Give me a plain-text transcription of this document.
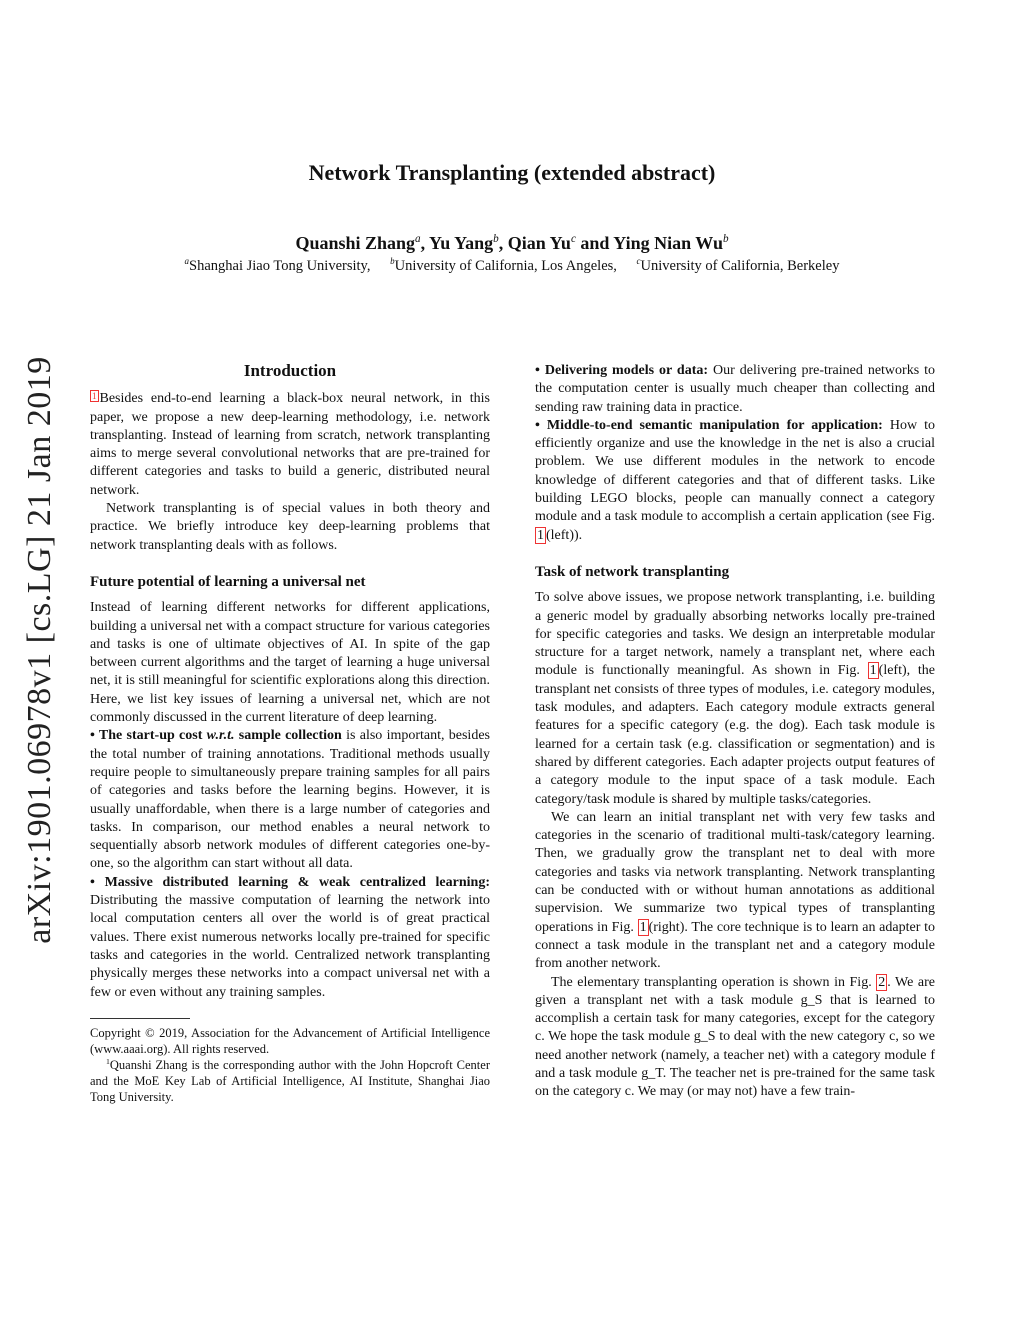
arXiv:1901.06978v1 [cs.LG] 21 Jan 2019
Network Transplanting (extended abstract)
Quanshi Zhang$^a$, Yu Yang$^b$, Qian Yu$^c$ and Ying Nian Wu$^b$
$^a$Shanghai Jiao Tong University, $^b$University of California, Los Angeles, $^c$University of California, Berkeley
Introduction

1 Besides end-to-end learning a black-box neural network, in this paper, we propose a new deep-learning methodology, i.e. network transplanting. Instead of learning from scratch, network transplanting aims to merge several convolutional networks that are pre-trained for different categories and tasks to build a generic, distributed neural network.

Network transplanting is of special values in both theory and practice. We briefly introduce key deep-learning problems that network transplanting deals with as follows.

Future potential of learning a universal net

Instead of learning different networks for different applications, building a universal net with a compact structure for various categories and tasks is one of ultimate objectives of AI. In spite of the gap between current algorithms and the target of learning a huge universal net, it is still meaningful for scientific explorations along this direction. Here, we list key issues of learning a universal net, which are not commonly discussed in the current literature of deep learning.

• The start-up cost w.r.t. sample collection is also important, besides the total number of training annotations. Traditional methods usually require people to simultaneously prepare training samples for all pairs of categories and tasks before the learning begins. However, it is usually unaffordable, when there is a large number of categories and tasks. In comparison, our method enables a neural network to sequentially absorb network modules of different categories one-by-one, so the algorithm can start without all data.

• Massive distributed learning & weak centralized learning: Distributing the massive computation of learning the network into local computation centers all over the world is of great practical values. There exist numerous networks locally pre-trained for specific tasks and categories in the world. Centralized network transplanting physically merges these networks into a compact universal net with a few or even without any training samples.

Copyright © 2019, Association for the Advancement of Artificial Intelligence (www.aaai.org). All rights reserved.

$^1$Quanshi Zhang is the corresponding author with the John Hopcroft Center and the MoE Key Lab of Artificial Intelligence, AI Institute, Shanghai Jiao Tong University.

• Delivering models or data: Our delivering pre-trained networks to the computation center is usually much cheaper than collecting and sending raw training data in practice.

• Middle-to-end semantic manipulation for application: How to efficiently organize and use the knowledge in the net is also a crucial problem. We use different modules in the network to encode knowledge of different categories and that of different tasks. Like building LEGO blocks, people can manually connect a category module and a task module to accomplish a certain application (see Fig. 1 (left)).

Task of network transplanting

To solve above issues, we propose network transplanting, i.e. building a generic model by gradually absorbing networks locally pre-trained for specific categories and tasks. We design an interpretable modular structure for a target network, namely a transplant net, where each module is functionally meaningful. As shown in Fig. 1 (left), the transplant net consists of three types of modules, i.e. category modules, task modules, and adapters. Each category module extracts general features for a specific category (e.g. the dog). Each task module is learned for a certain task (e.g. classification or segmentation) and is shared by different categories. Each adapter projects output features of a category module to the input space of a task module. Each category/task module is shared by multiple tasks/categories.

We can learn an initial transplant net with very few tasks and categories in the scenario of traditional multi-task/category learning. Then, we gradually grow the transplant net to deal with more categories and tasks via network transplanting. Network transplanting can be conducted with or without human annotations as additional supervision. We summarize two typical types of transplanting operations in Fig. 1 (right). The core technique is to learn an adapter to connect a task module in the transplant net and a category module from another network.

The elementary transplanting operation is shown in Fig. 2 . We are given a transplant net with a task module g_S that is learned to accomplish a certain task for many categories, except for the category c. We hope the task module g_S to deal with the new category c, so we need another network (namely, a teacher net) with a category module f and a task module g_T. The teacher net is pre-trained for the same task on the category c. We may (or may not) have a few train-
